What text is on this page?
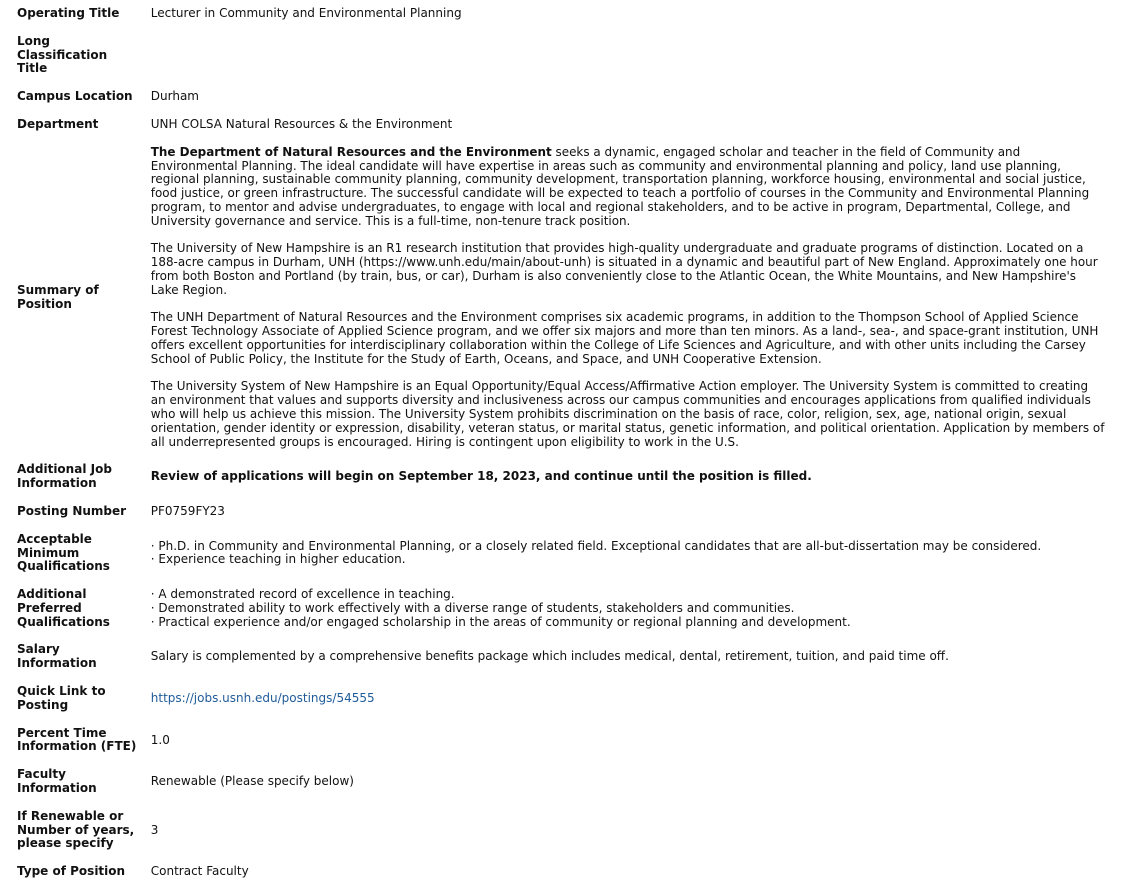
Operating Title	Lecturer in Community and Environmental Planning
Long Classification Title	
Campus Location	Durham
Department	UNH COLSA Natural Resources & the Environment
Summary of Position	The Department of Natural Resources and the Environment seeks a dynamic, engaged scholar and teacher in the field of Community and Environmental Planning. The ideal candidate will have expertise in areas such as community and environmental planning and policy, land use planning, regional planning, sustainable community planning, community development, transportation planning, workforce housing, environmental and social justice, food justice, or green infrastructure. The successful candidate will be expected to teach a portfolio of courses in the Community and Environmental Planning program, to mentor and advise undergraduates, to engage with local and regional stakeholders, and to be active in program, Departmental, College, and University governance and service. This is a full-time, non-tenure track position.
The University of New Hampshire is an R1 research institution that provides high-quality undergraduate and graduate programs of distinction. Located on a 188-acre campus in Durham, UNH (https://www.unh.edu/main/about-unh) is situated in a dynamic and beautiful part of New England. Approximately one hour from both Boston and Portland (by train, bus, or car), Durham is also conveniently close to the Atlantic Ocean, the White Mountains, and New Hampshire's Lake Region.
The UNH Department of Natural Resources and the Environment comprises six academic programs, in addition to the Thompson School of Applied Science Forest Technology Associate of Applied Science program, and we offer six majors and more than ten minors. As a land-, sea-, and space-grant institution, UNH offers excellent opportunities for interdisciplinary collaboration within the College of Life Sciences and Agriculture, and with other units including the Carsey School of Public Policy, the Institute for the Study of Earth, Oceans, and Space, and UNH Cooperative Extension.
The University System of New Hampshire is an Equal Opportunity/Equal Access/Affirmative Action employer. The University System is committed to creating an environment that values and supports diversity and inclusiveness across our campus communities and encourages applications from qualified individuals who will help us achieve this mission. The University System prohibits discrimination on the basis of race, color, religion, sex, age, national origin, sexual orientation, gender identity or expression, disability, veteran status, or marital status, genetic information, and political orientation. Application by members of all underrepresented groups is encouraged. Hiring is contingent upon eligibility to work in the U.S.

Additional Job Information	Review of applications will begin on September 18, 2023, and continue until the position is filled.
Posting Number	PF0759FY23
Acceptable Minimum Qualifications	· Ph.D. in Community and Environmental Planning, or a closely related field. Exceptional candidates that are all-but-dissertation may be considered.
· Experience teaching in higher education.

Additional Preferred Qualifications	· A demonstrated record of excellence in teaching.
· Demonstrated ability to work effectively with a diverse range of students, stakeholders and communities.
· Practical experience and/or engaged scholarship in the areas of community or regional planning and development.

Salary Information	Salary is complemented by a comprehensive benefits package which includes medical, dental, retirement, tuition, and paid time off.
Quick Link to Posting	https://jobs.usnh.edu/postings/54555
Percent Time Information (FTE)	1.0
Faculty Information	Renewable (Please specify below)
If Renewable or Number of years, please specify	3
Type of Position	Contract Faculty
